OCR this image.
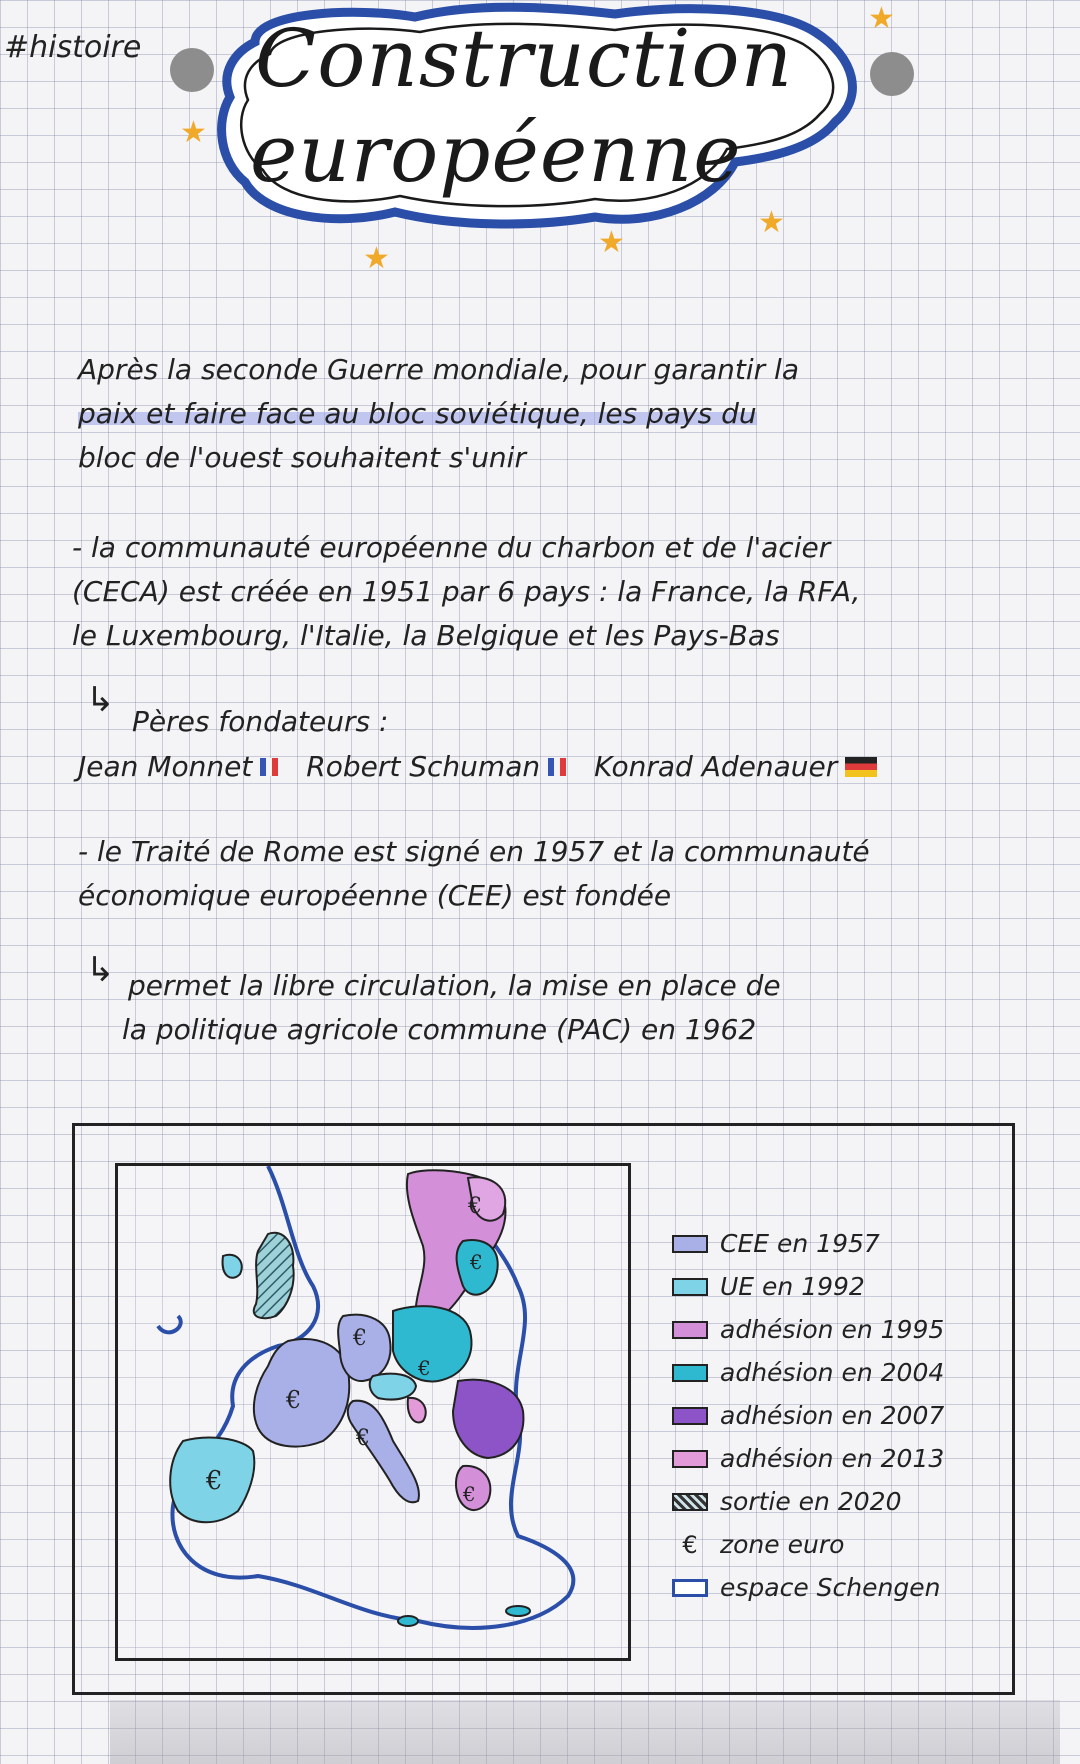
#histoire Construction
européenne
★
★
★
★
★
Après la seconde Guerre mondiale, pour garantir la
paix et faire face au bloc soviétique, les pays du
bloc de l'ouest souhaitent s'unir
- la communauté européenne du charbon et de l'acier
(CECA) est créée en 1951 par 6 pays : la France, la RFA,
le Luxembourg, l'Italie, la Belgique et les Pays-Bas
↳
Pères fondateurs :
Jean Monnet Robert Schuman Konrad Adenauer
- le Traité de Rome est signé en 1957 et la communauté
économique européenne (CEE) est fondée
↳ permet la libre circulation, la mise en place de
la politique agricole commune (PAC) en 1962
€
€
€
€
€
€
€	€
CEE en 1957
UE en 1992
adhésion en 1995
adhésion en 2004
adhésion en 2007
adhésion en 2013
sortie en 2020
€ zone euro
espace Schengen
